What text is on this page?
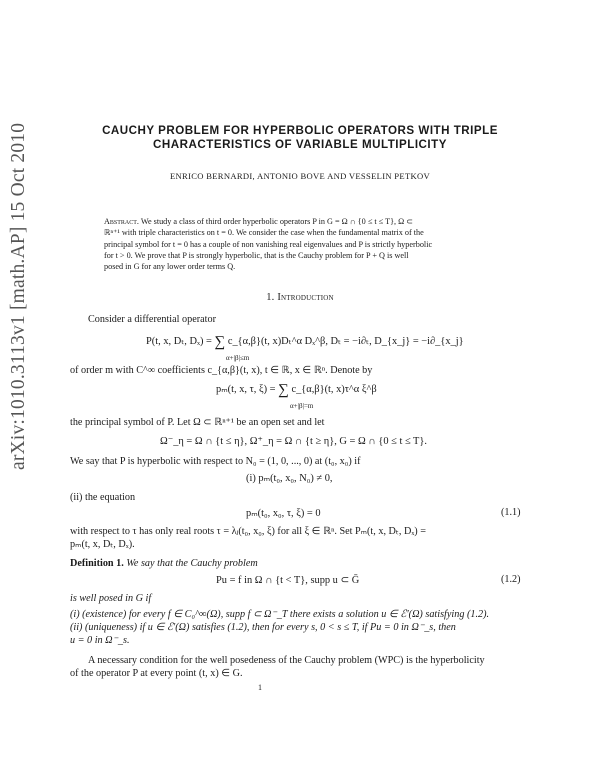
arXiv:1010.3113v1 [math.AP] 15 Oct 2010	CAUCHY PROBLEM FOR HYPERBOLIC OPERATORS WITH TRIPLE
CHARACTERISTICS OF VARIABLE MULTIPLICITY
ENRICO BERNARDI, ANTONIO BOVE AND VESSELIN PETKOV
Abstract. We study a class of third order hyperbolic operators P in G = Ω ∩ {0 ≤ t ≤ T}, Ω ⊂
ℝⁿ⁺¹ with triple characteristics on t = 0. We consider the case when the fundamental matrix of the
principal symbol for t = 0 has a couple of non vanishing real eigenvalues and P is strictly hyperbolic
for t > 0. We prove that P is strongly hyperbolic, that is the Cauchy problem for P + Q is well
posed in G for any lower order terms Q.
1. Introduction
Consider a differential operator
P(t, x, Dₜ, Dₓ) = ∑ c_{α,β}(t, x)Dₜ^α Dₓ^β, Dₜ = −i∂ₜ, D_{x_j} = −i∂_{x_j}
α+|β|≤m
of order m with C^∞ coefficients c_{α,β}(t, x), t ∈ ℝ, x ∈ ℝⁿ. Denote by
pₘ(t, x, τ, ξ) = ∑ c_{α,β}(t, x)τ^α ξ^β
α+|β|=m
the principal symbol of P. Let Ω ⊂ ℝⁿ⁺¹ be an open set and let
Ω⁻_η = Ω ∩ {t ≤ η}, Ω⁺_η = Ω ∩ {t ≥ η}, G = Ω ∩ {0 ≤ t ≤ T}.
We say that P is hyperbolic with respect to N₀ = (1, 0, ..., 0) at (t₀, x₀) if
(i) pₘ(t₀, x₀, N₀) ≠ 0,
(ii) the equation
pₘ(t₀, x₀, τ, ξ) = 0	(1.1)
with respect to τ has only real roots τ = λⱼ(t₀, x₀, ξ) for all ξ ∈ ℝⁿ. Set Pₘ(t, x, Dₜ, Dₓ) =
pₘ(t, x, Dₜ, Dₓ).
Definition 1. We say that the Cauchy problem
Pu = f in Ω ∩ {t < T}, supp u ⊂ Ḡ	(1.2)
is well posed in G if
(i) (existence) for every f ∈ C₀^∞(Ω), supp f ⊂ Ω⁻_T there exists a solution u ∈ ℰ′(Ω) satisfying (1.2).
(ii) (uniqueness) if u ∈ ℰ′(Ω) satisfies (1.2), then for every s, 0 < s ≤ T, if Pu = 0 in Ω⁻_s, then
u = 0 in Ω⁻_s.
A necessary condition for the well posedeness of the Cauchy problem (WPC) is the hyperbolicity
of the operator P at every point (t, x) ∈ G.
1
